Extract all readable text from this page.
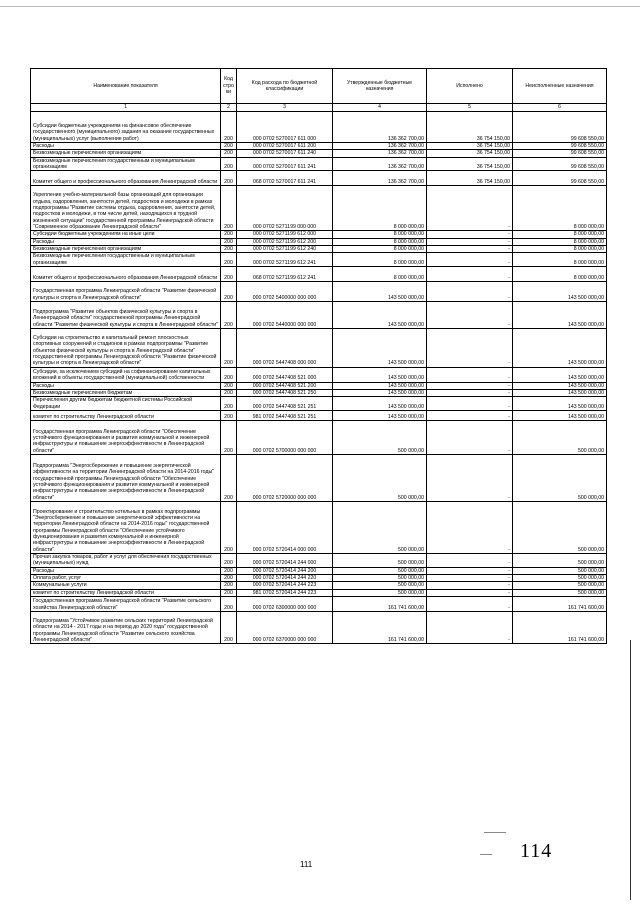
Наименование показателя	Код стро ки	Код расхода по бюджетной классификации	Утвержденные бюджетные назначения	Исполнено	Неисполненные назначения
1	2	3	4	5	6
Субсидии бюджетным учреждениям на финансовое обеспечение государственного (муниципального) задания на оказание государственных (муниципальных) услуг (выполнение работ)	200	000 0702 5270017 611 000	136 362 700,00	36 754 150,00	99 608 550,00
Расходы	200	000 0702 5270017 611 200	136 362 700,00	36 754 150,00	99 608 550,00
Безвозмездные перечисления организациям	200	000 0702 5270017 611 240	136 362 700,00	36 754 150,00	99 608 550,00
Безвозмездные перечисления государственным и муниципальным организациям	200	000 0702 5270017 611 241	136 362 700,00	36 754 150,00	99 608 550,00
Комитет общего и профессионального образования Ленинградской области	200	068 0702 5270017 611 241	136 362 700,00	36 754 150,00	99 608 550,00
Укрепление учебно-материальной базы организаций для организации отдыха, оздоровления, занятости детей, подростков и молодежи в рамках подпрограммы "Развитие системы отдыха, оздоровления, занятости детей, подростков и молодежи, в том числе детей, находящихся в трудной жизненной ситуации" государственной программы Ленинградской области "Современное образование Ленинградской области"	200	000 0702 5271199 000 000	8 000 000,00	-	8 000 000,00
Субсидии бюджетным учреждениям на иные цели	200	000 0702 5271199 612 000	8 000 000,00	-	8 000 000,00
Расходы	200	000 0702 5271199 612 200	8 000 000,00	-	8 000 000,00
Безвозмездные перечисления организациям	200	000 0702 5271199 612 240	8 000 000,00	-	8 000 000,00
Безвозмездные перечисления государственным и муниципальным организациям	200	000 0702 5271199 612 241	8 000 000,00	-	8 000 000,00
Комитет общего и профессионального образования Ленинградской области	200	068 0702 5271199 612 241	8 000 000,00	-	8 000 000,00
Государственная программа Ленинградской области "Развитие физической культуры и спорта в Ленинградской области"	200	000 0702 5400000 000 000	143 500 000,00	-	143 500 000,00
Подпрограмма "Развитие объектов физической культуры и спорта в Ленинградской области" государственной программы Ленинградской области "Развитие физической культуры и спорта в Ленинградской области"	200	000 0702 5440000 000 000	143 500 000,00	-	143 500 000,00
Субсидии на строительство и капитальный ремонт плоскостных спортивных сооружений и стадионов в рамках подпрограммы "Развитие объектов физической культуры и спорта в Ленинградской области" государственной программы Ленинградской области "Развитие физической культуры и спорта в Ленинградской области"	200	000 0702 5447408 000 000	143 500 000,00	-	143 500 000,00
Субсидии, за исключением субсидий на софинансирование капитальных вложений в объекты государственной (муниципальной) собственности	200	000 0702 5447408 521 000	143 500 000,00	-	143 500 000,00
Расходы	200	000 0702 5447408 521 200	143 500 000,00	-	143 500 000,00
Безвозмездные перечисления бюджетам	200	000 0702 5447408 521 250	143 500 000,00	-	143 500 000,00
Перечисления другим бюджетам бюджетной системы Российской Федерации	200	000 0702 5447408 521 251	143 500 000,00	-	143 500 000,00
комитет по строительству Ленинградской области	200	981 0702 5447408 521 251	143 500 000,00	-	143 500 000,00
Государственная программа Ленинградской области "Обеспечение устойчивого функционирования и развития коммунальной и инженерной инфраструктуры и повышение энергоэффективности в Ленинградской области"	200	000 0702 5700000 000 000	500 000,00	-	500 000,00
Подпрограмма "Энергосбережение и повышение энергетической эффективности на территории Ленинградской области на 2014-2016 годы" государственной программы Ленинградской области "Обеспечение устойчивого функционирования и развития коммунальной и инженерной инфраструктуры и повышение энергоэффективности в Ленинградской области"	200	000 0702 5720000 000 000	500 000,00	-	500 000,00
Проектирование и строительство котельных в рамках подпрограммы "Энергосбережение и повышение энергетической эффективности на территории Ленинградской области на 2014-2016 годы" государственной программы Ленинградской области "Обеспечение устойчивого функционирования и развития коммунальной и инженерной инфраструктуры и повышение энергоэффективности в Ленинградской области"	200	000 0702 5720414 000 000	500 000,00	-	500 000,00
Прочая закупка товаров, работ и услуг для обеспечения государственных (муниципальных) нужд	200	000 0702 5720414 244 000	500 000,00	-	500 000,00
Расходы	200	000 0702 5720414 244 200	500 000,00	-	500 000,00
Оплата работ, услуг	200	000 0702 5720414 244 220	500 000,00	-	500 000,00
Коммунальные услуги	200	000 0702 5720414 244 223	500 000,00	-	500 000,00
комитет по строительству Ленинградской области	200	981 0702 5720414 244 223	500 000,00	-	500 000,00
Государственная программа Ленинградской области "Развитие сельского хозяйства Ленинградской области"	200	000 0702 6300000 000 000	161 741 600,00	-	161 741 600,00
Подпрограмма "Устойчивое развитие сельских территорий Ленинградской области на 2014 - 2017 годы и на период до 2020 года" государственной программы Ленинградской области "Развитие сельского хозяйства Ленинградской области"	200	000 0702 6370000 000 000	161 741 600,00	-	161 741 600,00
111
114
